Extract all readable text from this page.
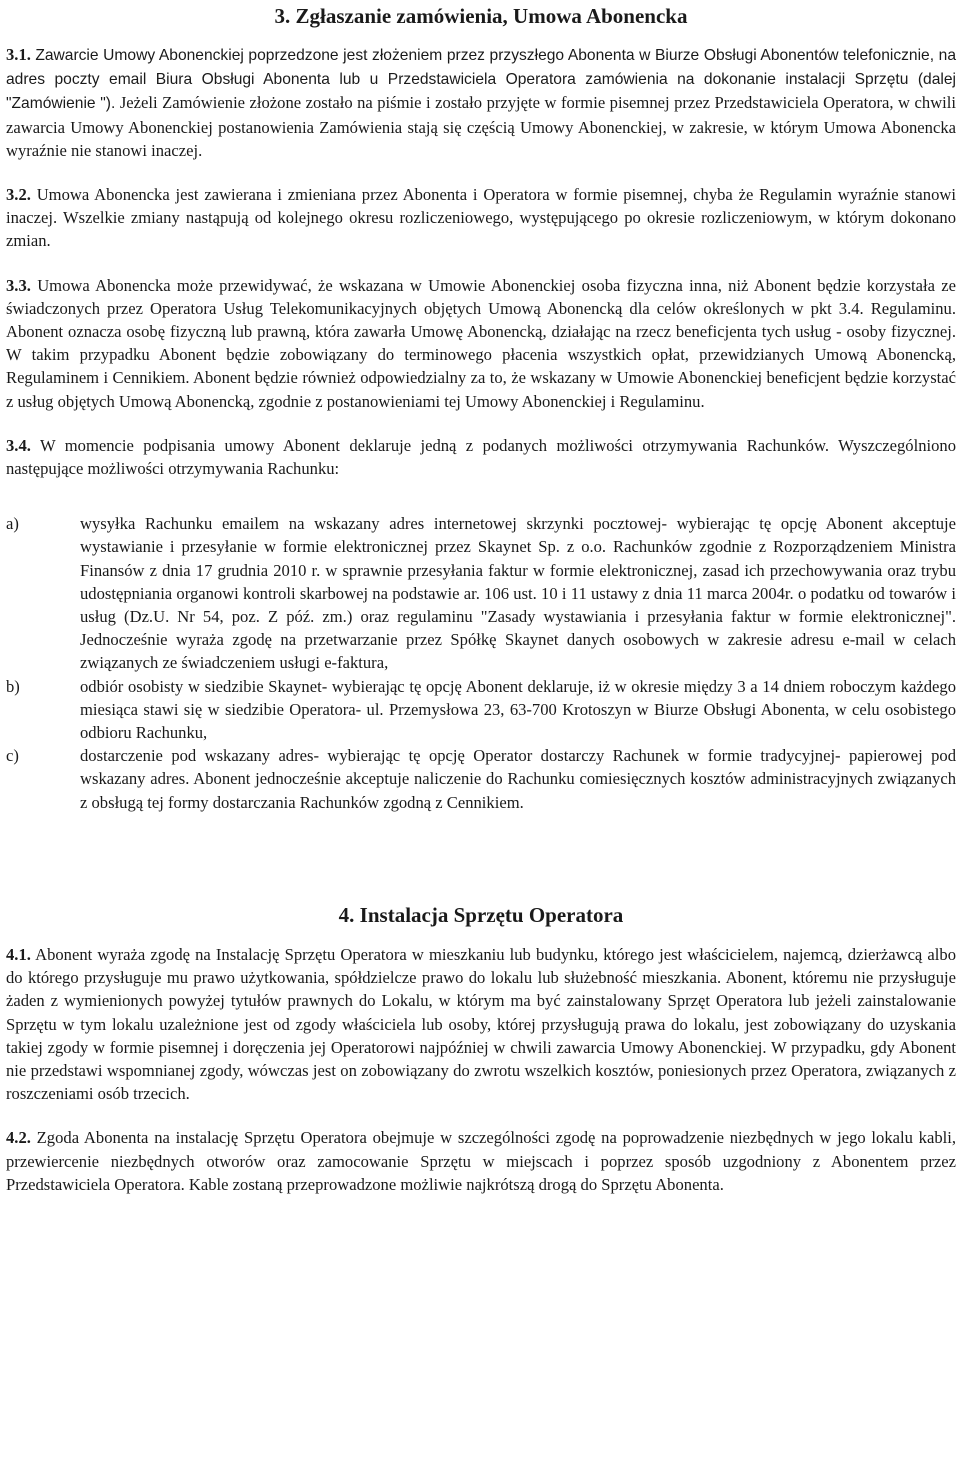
3. Zgłaszanie zamówienia, Umowa Abonencka

3.1. Zawarcie Umowy Abonenckiej poprzedzone jest złożeniem przez przyszłego Abonenta w Biurze Obsługi Abonentów telefonicznie, na adres poczty email Biura Obsługi Abonenta lub u Przedstawiciela Operatora zamówienia na dokonanie instalacji Sprzętu (dalej "Zamówienie "). Jeżeli Zamówienie złożone zostało na piśmie i zostało przyjęte w formie pisemnej przez Przedstawiciela Operatora, w chwili zawarcia Umowy Abonenckiej postanowienia Zamówienia stają się częścią Umowy Abonenckiej, w zakresie, w którym Umowa Abonencka wyraźnie nie stanowi inaczej.

3.2. Umowa Abonencka jest zawierana i zmieniana przez Abonenta i Operatora w formie pisemnej, chyba że Regulamin wyraźnie stanowi inaczej. Wszelkie zmiany nastąpują od kolejnego okresu rozliczeniowego, występującego po okresie rozliczeniowym, w którym dokonano zmian.

3.3. Umowa Abonencka może przewidywać, że wskazana w Umowie Abonenckiej osoba fizyczna inna, niż Abonent będzie korzystała ze świadczonych przez Operatora Usług Telekomunikacyjnych objętych Umową Abonencką dla celów określonych w pkt 3.4. Regulaminu. Abonent oznacza osobę fizyczną lub prawną, która zawarła Umowę Abonencką, działając na rzecz beneficjenta tych usług - osoby fizycznej. W takim przypadku Abonent będzie zobowiązany do terminowego płacenia wszystkich opłat, przewidzianych Umową Abonencką, Regulaminem i Cennikiem. Abonent będzie również odpowiedzialny za to, że wskazany w Umowie Abonenckiej beneficjent będzie korzystać z usług objętych Umową Abonencką, zgodnie z postanowieniami tej Umowy Abonenckiej i Regulaminu.

3.4. W momencie podpisania umowy Abonent deklaruje jedną z podanych możliwości otrzymywania Rachunków. Wyszczególniono następujące możliwości otrzymywania Rachunku:

a)	wysyłka Rachunku emailem na wskazany adres internetowej skrzynki pocztowej- wybierając tę opcję Abonent akceptuje wystawianie i przesyłanie w formie elektronicznej przez Skaynet Sp. z o.o. Rachunków zgodnie z Rozporządzeniem Ministra Finansów z dnia 17 grudnia 2010 r. w sprawnie przesyłania faktur w formie elektronicznej, zasad ich przechowywania oraz trybu udostępniania organowi kontroli skarbowej na podstawie ar. 106 ust. 10 i 11 ustawy z dnia 11 marca 2004r. o podatku od towarów i usług (Dz.U. Nr 54, poz. Z póź. zm.) oraz regulaminu "Zasady wystawiania i przesyłania faktur w formie elektronicznej". Jednocześnie wyraża zgodę na przetwarzanie przez Spółkę Skaynet danych osobowych w zakresie adresu e-mail w celach związanych ze świadczeniem usługi e-faktura,
b)	odbiór osobisty w siedzibie Skaynet- wybierając tę opcję Abonent deklaruje, iż w okresie między 3 a 14 dniem roboczym każdego miesiąca stawi się w siedzibie Operatora- ul. Przemysłowa 23, 63-700 Krotoszyn w Biurze Obsługi Abonenta, w celu osobistego odbioru Rachunku,
c)	dostarczenie pod wskazany adres- wybierając tę opcję Operator dostarczy Rachunek w formie tradycyjnej- papierowej pod wskazany adres. Abonent jednocześnie akceptuje naliczenie do Rachunku comiesięcznych kosztów administracyjnych związanych z obsługą tej formy dostarczania Rachunków zgodną z Cennikiem.
4. Instalacja Sprzętu Operatora

4.1. Abonent wyraża zgodę na Instalację Sprzętu Operatora w mieszkaniu lub budynku, którego jest właścicielem, najemcą, dzierżawcą albo do którego przysługuje mu prawo użytkowania, spółdzielcze prawo do lokalu lub służebność mieszkania. Abonent, któremu nie przysługuje żaden z wymienionych powyżej tytułów prawnych do Lokalu, w którym ma być zainstalowany Sprzęt Operatora lub jeżeli zainstalowanie Sprzętu w tym lokalu uzależnione jest od zgody właściciela lub osoby, której przysługują prawa do lokalu, jest zobowiązany do uzyskania takiej zgody w formie pisemnej i doręczenia jej Operatorowi najpóźniej w chwili zawarcia Umowy Abonenckiej. W przypadku, gdy Abonent nie przedstawi wspomnianej zgody, wówczas jest on zobowiązany do zwrotu wszelkich kosztów, poniesionych przez Operatora, związanych z roszczeniami osób trzecich.

4.2. Zgoda Abonenta na instalację Sprzętu Operatora obejmuje w szczególności zgodę na poprowadzenie niezbędnych w jego lokalu kabli, przewiercenie niezbędnych otworów oraz zamocowanie Sprzętu w miejscach i poprzez sposób uzgodniony z Abonentem przez Przedstawiciela Operatora. Kable zostaną przeprowadzone możliwie najkrótszą drogą do Sprzętu Abonenta.
